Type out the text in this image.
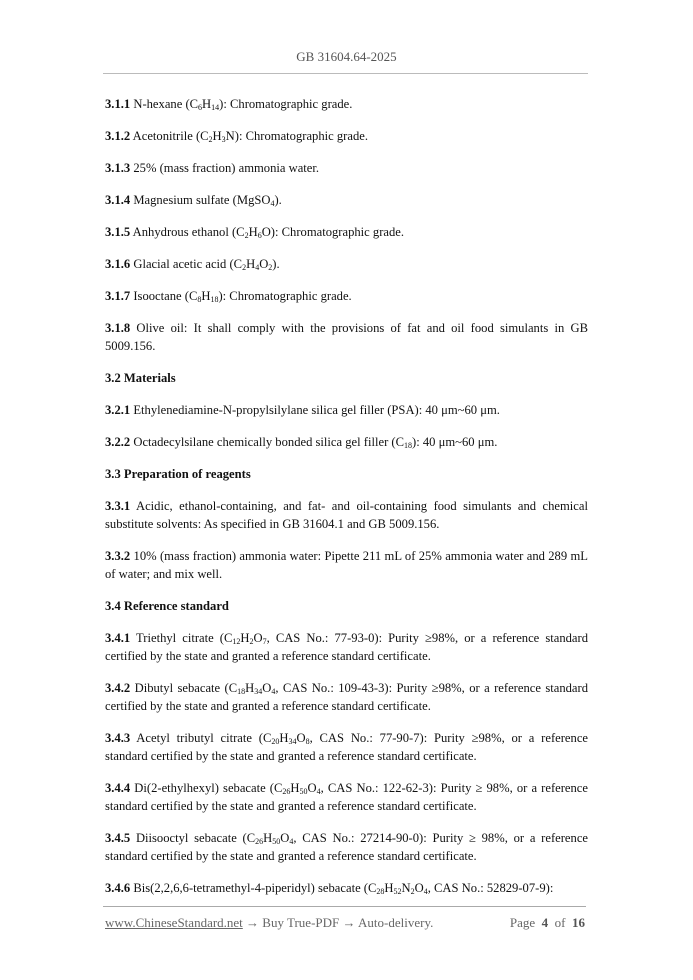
GB 31604.64-2025
3.1.1 N-hexane $(C_6H_{14})$: Chromatographic grade.
3.1.2 Acetonitrile $(C_2H_3N)$: Chromatographic grade.
3.1.3 25% (mass fraction) ammonia water.
3.1.4 Magnesium sulfate (MgSO$_4$).
3.1.5 Anhydrous ethanol $(C_2H_6O)$: Chromatographic grade.
3.1.6 Glacial acetic acid $(C_2H_4O_2)$.
3.1.7 Isooctane $(C_8H_{18})$: Chromatographic grade.
3.1.8 Olive oil: It shall comply with the provisions of fat and oil food simulants in GB 5009.156.
3.2 Materials
3.2.1 Ethylenediamine-N-propylsilylane silica gel filler (PSA): 40 μm~60 μm.
3.2.2 Octadecylsilane chemically bonded silica gel filler $(C_{18})$: 40 μm~60 μm.
3.3 Preparation of reagents
3.3.1 Acidic, ethanol-containing, and fat- and oil-containing food simulants and chemical substitute solvents: As specified in GB 31604.1 and GB 5009.156.
3.3.2 10% (mass fraction) ammonia water: Pipette 211 mL of 25% ammonia water and 289 mL of water; and mix well.
3.4 Reference standard
3.4.1 Triethyl citrate ($C_{12}H_2O_7$, CAS No.: 77-93-0): Purity ≥98%, or a reference standard certified by the state and granted a reference standard certificate.
3.4.2 Dibutyl sebacate ($C_{18}H_{34}O_4$, CAS No.: 109-43-3): Purity ≥98%, or a reference standard certified by the state and granted a reference standard certificate.
3.4.3 Acetyl tributyl citrate ($C_{20}H_{34}O_8$, CAS No.: 77-90-7): Purity ≥98%, or a reference standard certified by the state and granted a reference standard certificate.
3.4.4 Di(2-ethylhexyl) sebacate ($C_{26}H_{50}O_4$, CAS No.: 122-62-3): Purity ≥ 98%, or a reference standard certified by the state and granted a reference standard certificate.
3.4.5 Diisooctyl sebacate ($C_{26}H_{50}O_4$, CAS No.: 27214-90-0): Purity ≥ 98%, or a reference standard certified by the state and granted a reference standard certificate.
3.4.6 Bis(2,2,6,6-tetramethyl-4-piperidyl) sebacate ($C_{28}H_{52}N_2O_4$, CAS No.: 52829-07-9):
www.ChineseStandard.net → Buy True-PDF → Auto-delivery.	Page 4 of 16
